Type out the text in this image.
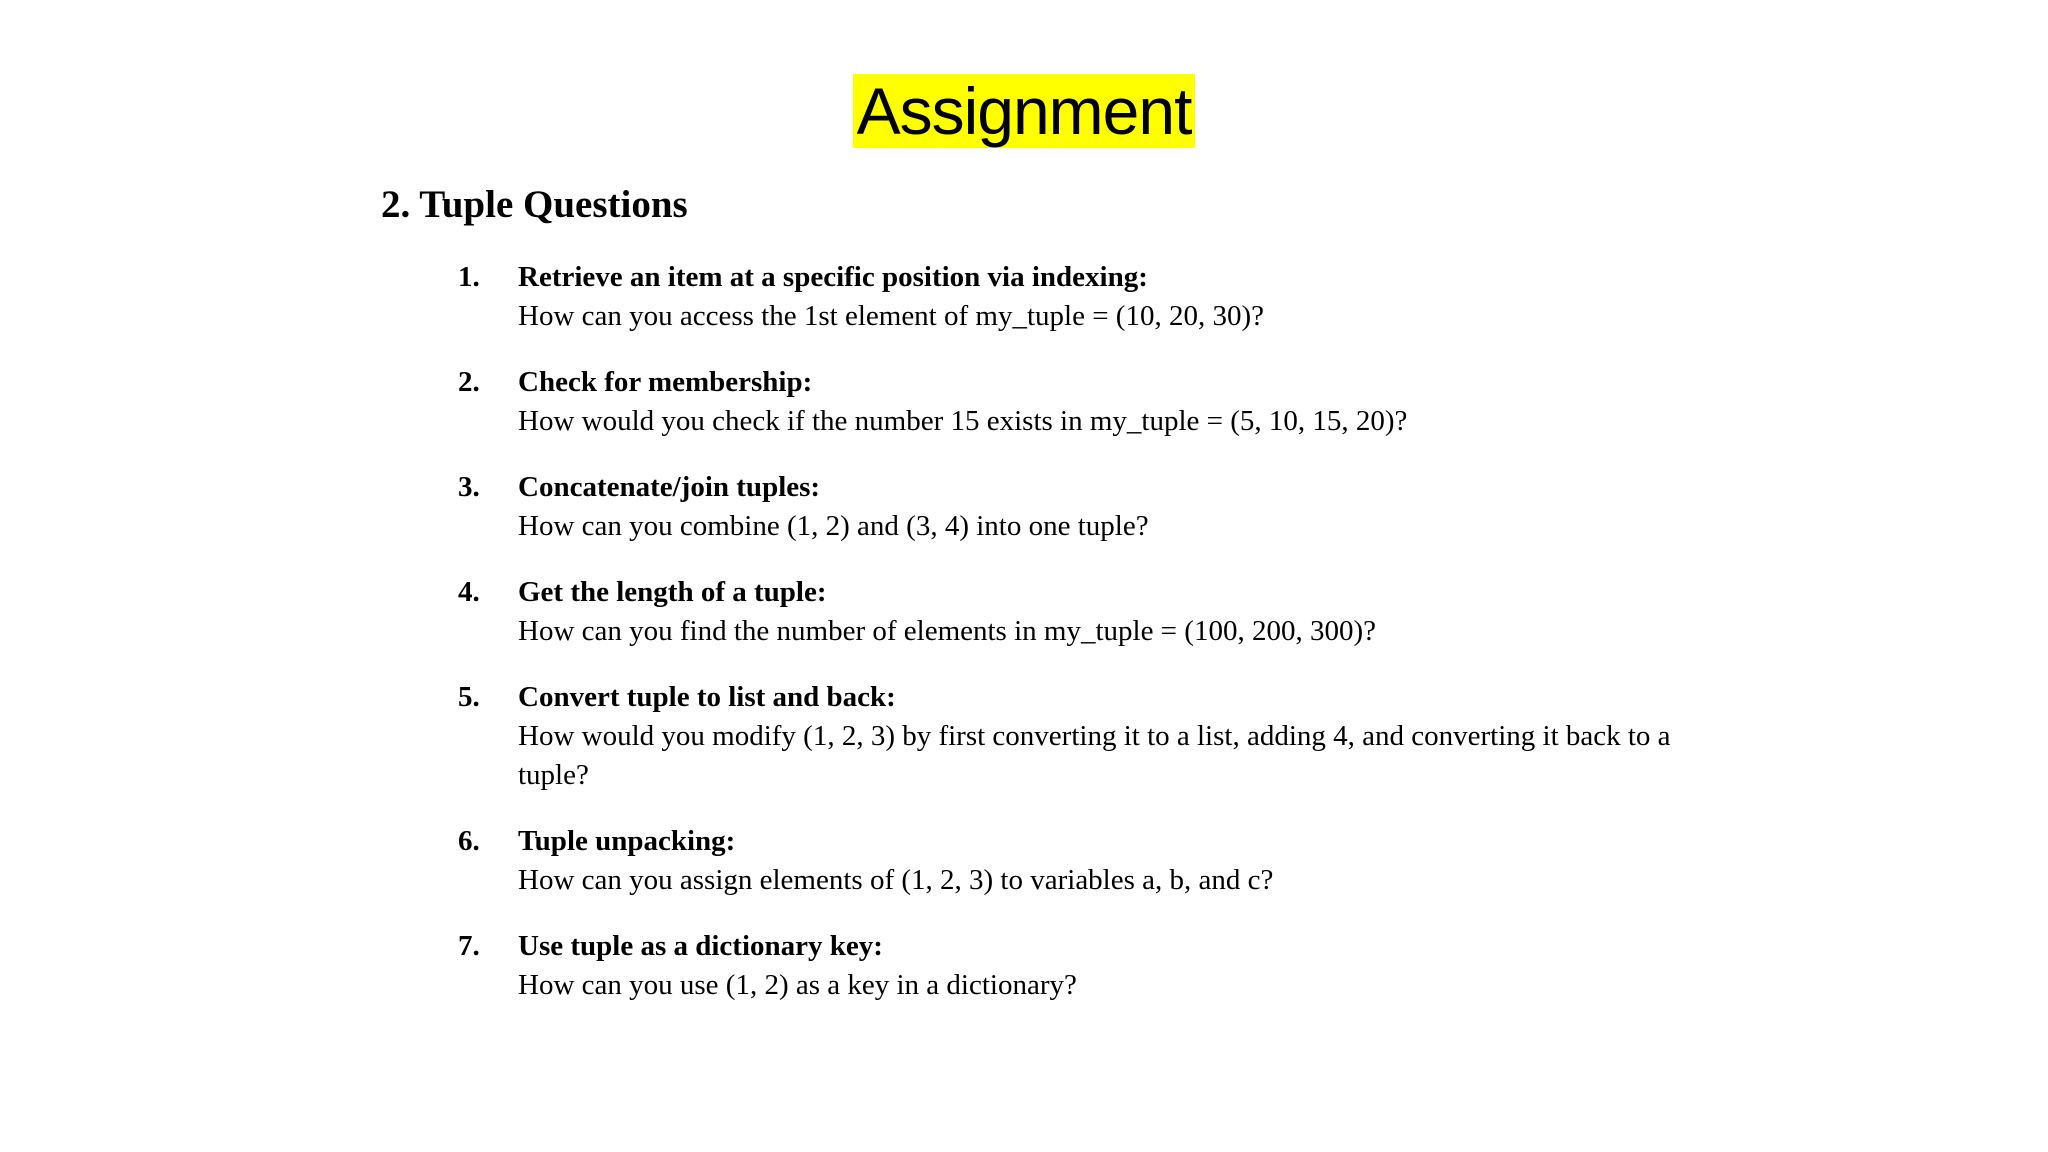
Assignment
2. Tuple Questions
1. Retrieve an item at a specific position via indexing:
How can you access the 1st element of my_tuple = (10, 20, 30)?
2. Check for membership:
How would you check if the number 15 exists in my_tuple = (5, 10, 15, 20)?
3. Concatenate/join tuples:
How can you combine (1, 2) and (3, 4) into one tuple?
4. Get the length of a tuple:
How can you find the number of elements in my_tuple = (100, 200, 300)?
5. Convert tuple to list and back:
How would you modify (1, 2, 3) by first converting it to a list, adding 4, and converting it back to a tuple?
6. Tuple unpacking:
How can you assign elements of (1, 2, 3) to variables a, b, and c?
7. Use tuple as a dictionary key:
How can you use (1, 2) as a key in a dictionary?
